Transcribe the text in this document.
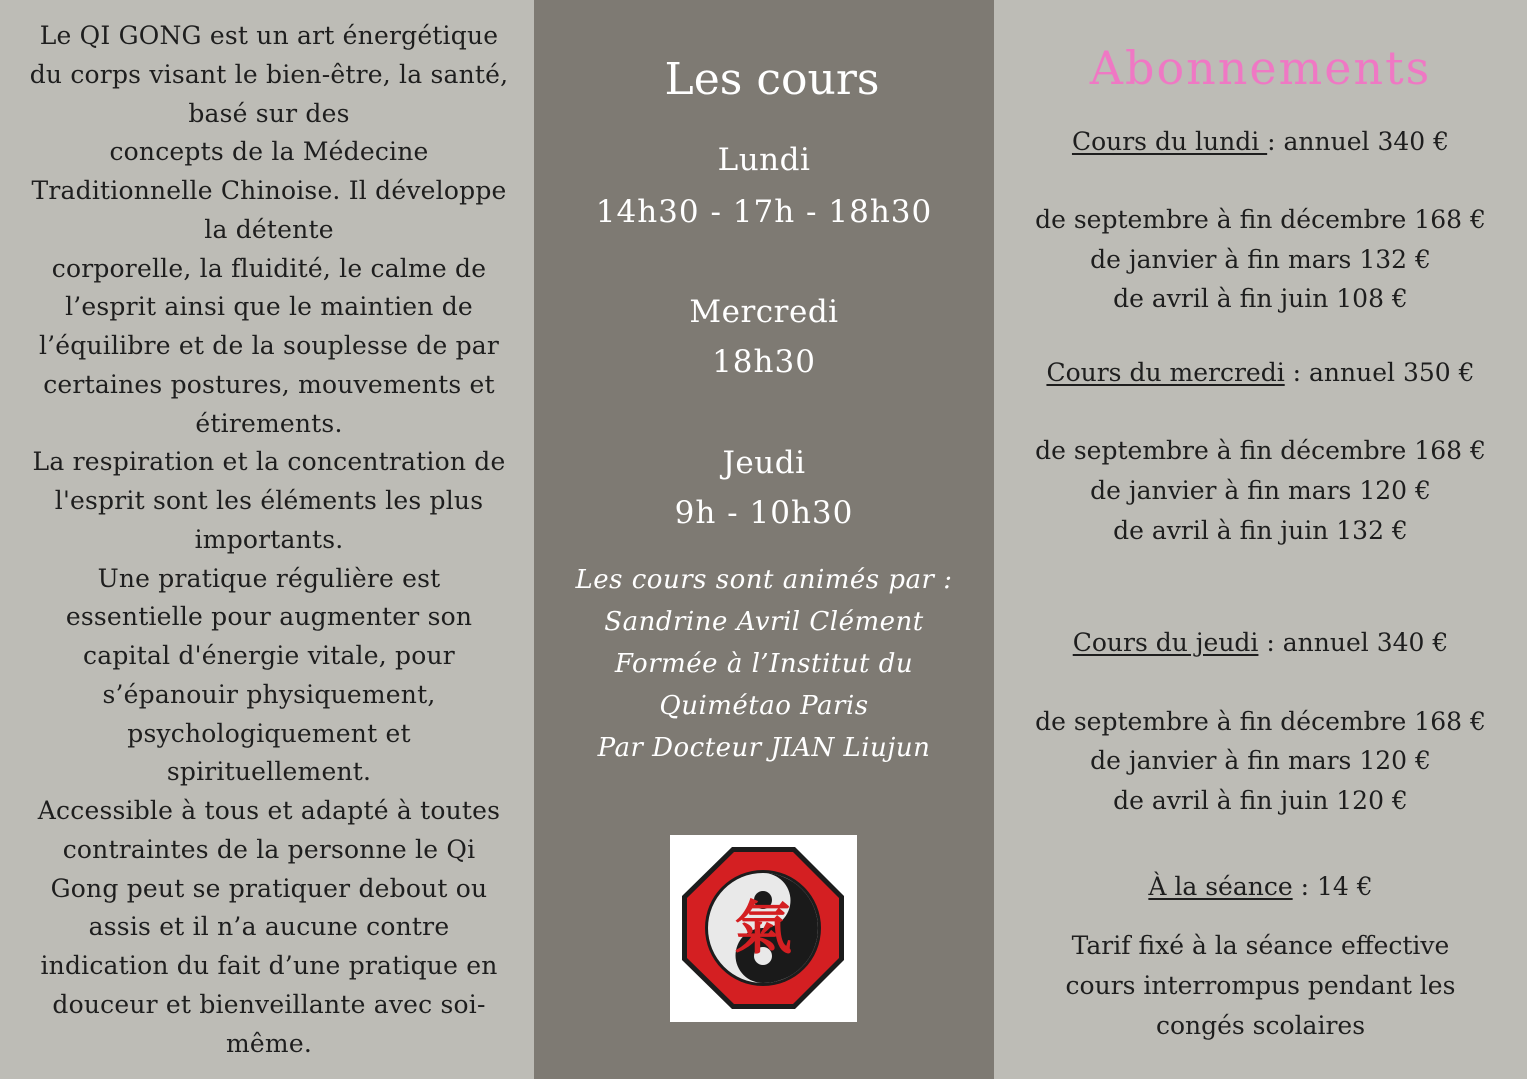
Le QI GONG est un art énergétique
du corps visant le bien-être, la santé,
basé sur des
concepts de la Médecine
Traditionnelle Chinoise. Il développe
la détente
corporelle, la fluidité, le calme de
l’esprit ainsi que le maintien de
l’équilibre et de la souplesse de par
certaines postures, mouvements et
étirements.
La respiration et la concentration de
l'esprit sont les éléments les plus
importants.
Une pratique régulière est
essentielle pour augmenter son
capital d'énergie vitale, pour
s’épanouir physiquement,
psychologiquement et
spirituellement.
Accessible à tous et adapté à toutes
contraintes de la personne le Qi
Gong peut se pratiquer debout ou
assis et il n’a aucune contre
indication du fait d’une pratique en
douceur et bienveillante avec soi-
même.
Les cours
Lundi
14h30 - 17h - 18h30
Mercredi
18h30
Jeudi
9h - 10h30
Les cours sont animés par :
Sandrine Avril Clément
Formée à l’Institut du
Quimétao Paris
Par Docteur JIAN Liujun
氣
Abonnements
Cours du lundi : annuel 340 €
de septembre à fin décembre 168 €
de janvier à fin mars 132 €
de avril à fin juin 108 €
Cours du mercredi : annuel 350 €
de septembre à fin décembre 168 €
de janvier à fin mars 120 €
de avril à fin juin 132 €
Cours du jeudi : annuel 340 €
de septembre à fin décembre 168 €
de janvier à fin mars 120 €
de avril à fin juin 120 €
À la séance : 14 €
Tarif fixé à la séance effective
cours interrompus pendant les
congés scolaires
